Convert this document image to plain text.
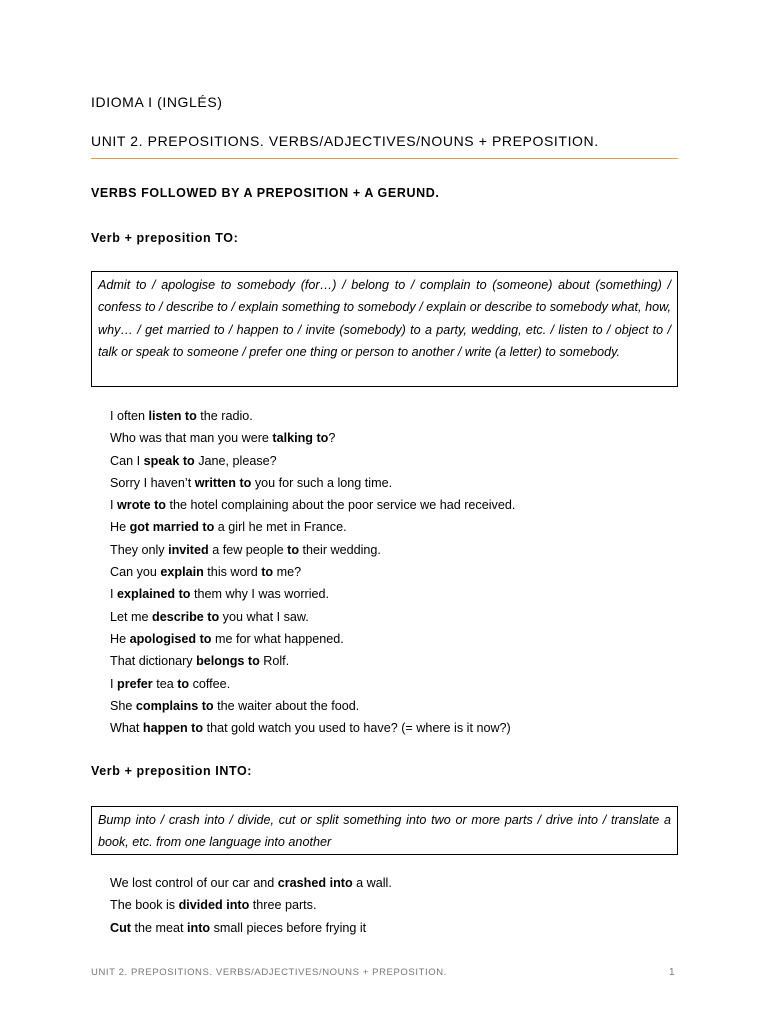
IDIOMA I (INGLÉS)
UNIT 2. PREPOSITIONS. VERBS/ADJECTIVES/NOUNS + PREPOSITION.
VERBS FOLLOWED BY A PREPOSITION + A GERUND.
Verb + preposition TO:
Admit to / apologise to somebody (for…) / belong to / complain to (someone) about (something) / confess to / describe to / explain something to somebody / explain or describe to somebody what, how, why… / get married to / happen to / invite (somebody) to a party, wedding, etc. / listen to / object to / talk or speak to someone / prefer one thing or person to another / write (a letter) to somebody.
I often listen to the radio.
Who was that man you were talking to?
Can I speak to Jane, please?
Sorry I haven’t written to you for such a long time.
I wrote to the hotel complaining about the poor service we had received.
He got married to a girl he met in France.
They only invited a few people to their wedding.
Can you explain this word to me?
I explained to them why I was worried.
Let me describe to you what I saw.
He apologised to me for what happened.
That dictionary belongs to Rolf.
I prefer tea to coffee.
She complains to the waiter about the food.
What happen to that gold watch you used to have? (= where is it now?)
Verb + preposition INTO:
Bump into / crash into / divide, cut or split something into two or more parts / drive into / translate a book, etc. from one language into another
We lost control of our car and crashed into a wall.
The book is divided into three parts.
Cut the meat into small pieces before frying it
UNIT 2. PREPOSITIONS. VERBS/ADJECTIVES/NOUNS + PREPOSITION.	1
